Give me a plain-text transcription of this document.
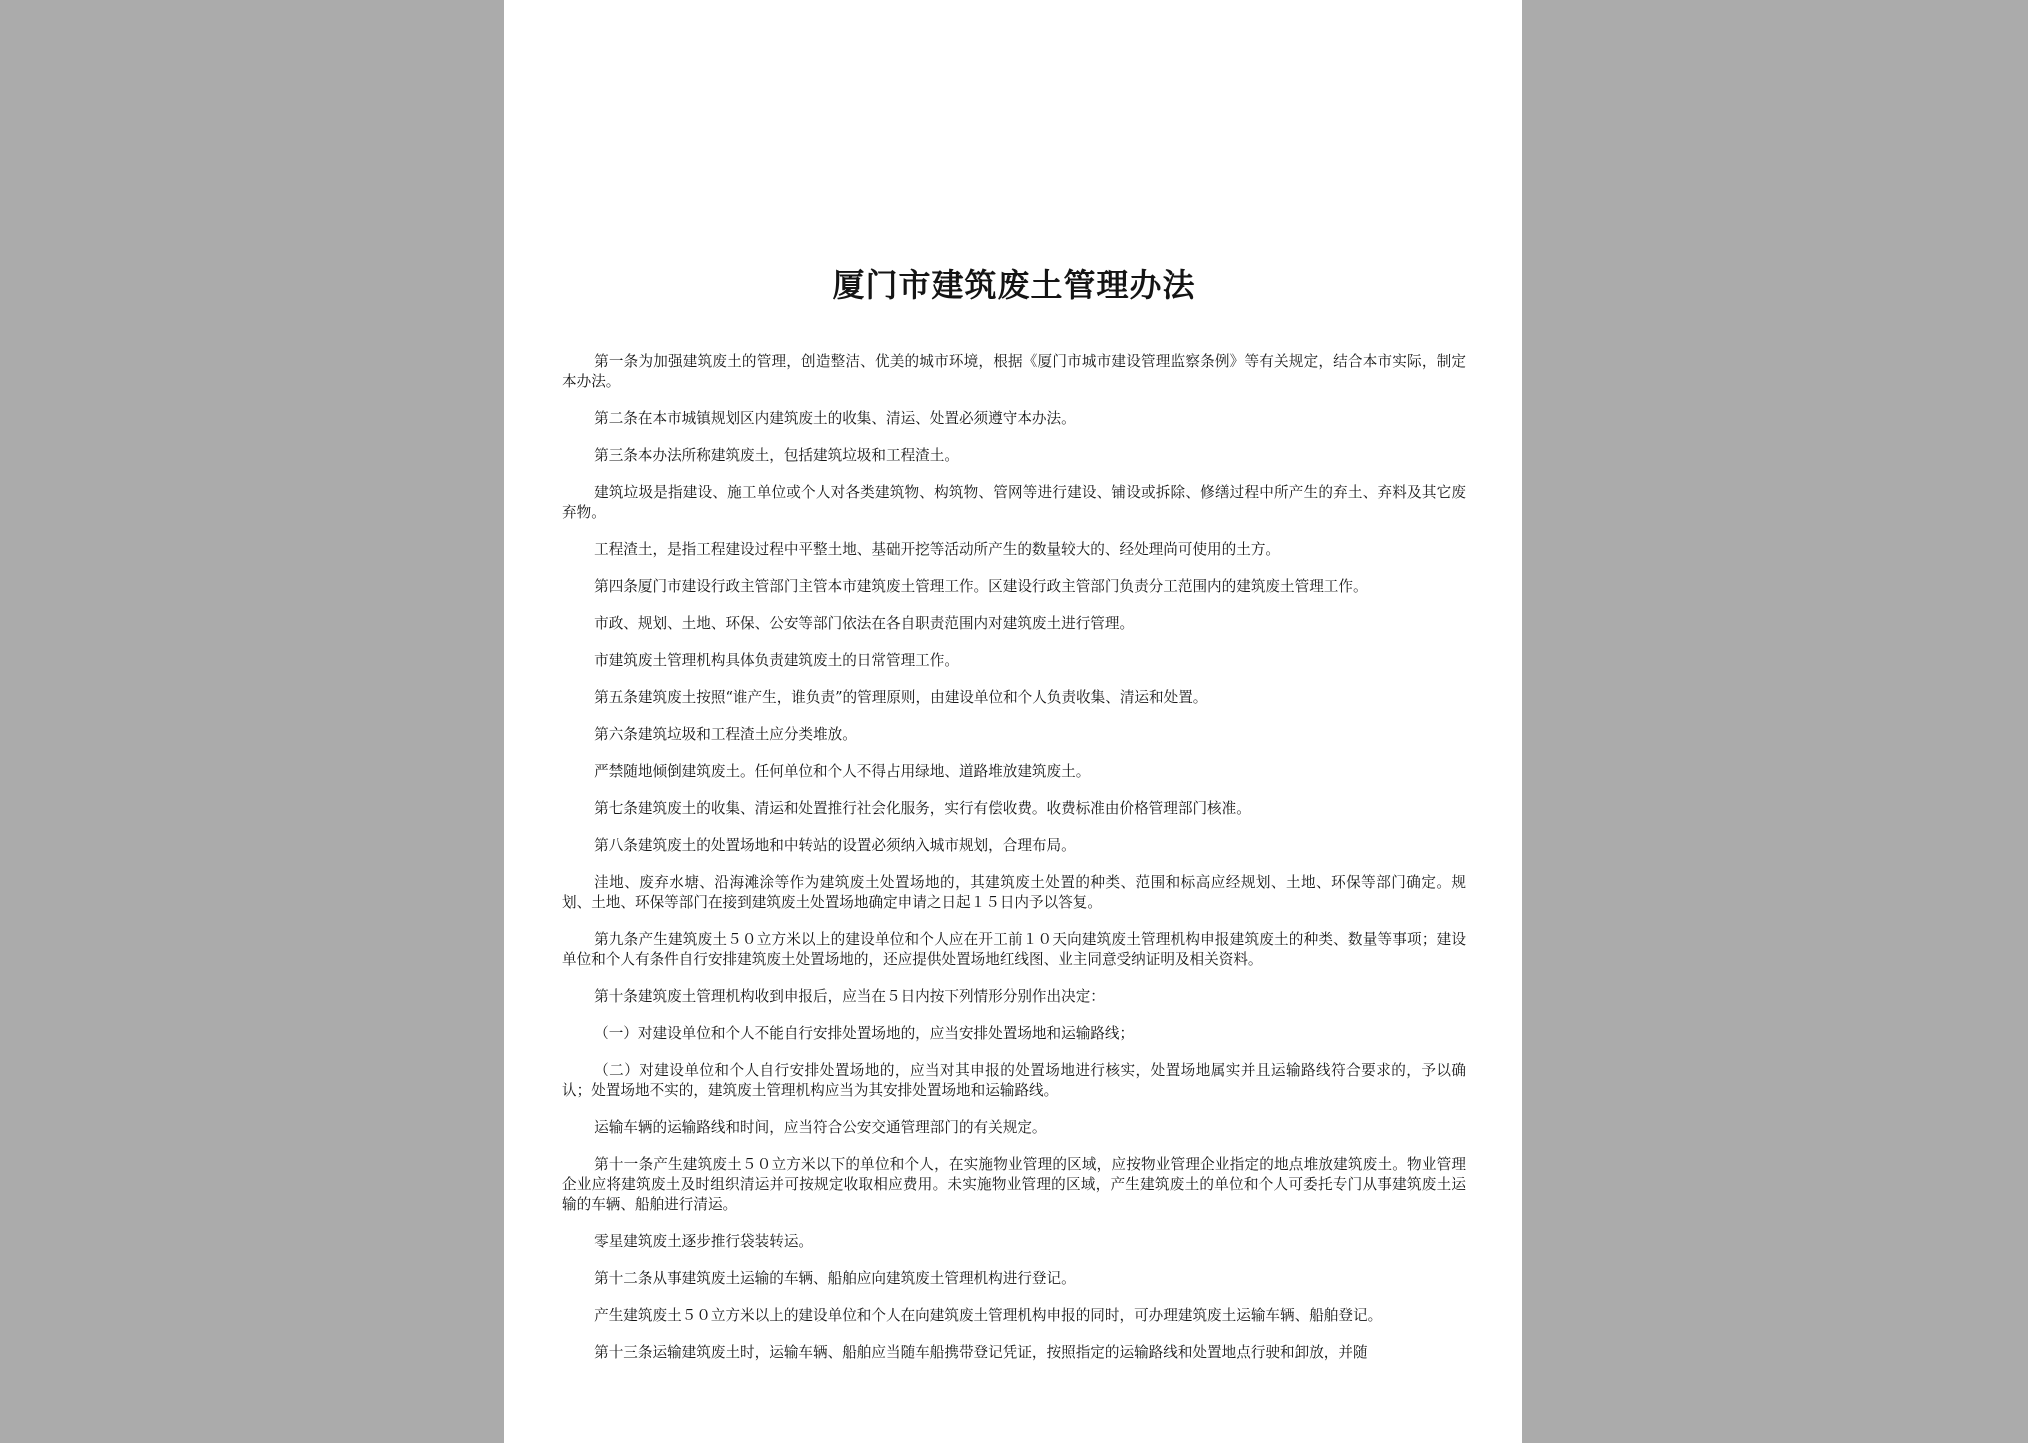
厦门市建筑废土管理办法

第一条为加强建筑废土的管理，创造整洁、优美的城市环境，根据《厦门市城市建设管理监察条例》等有关规定，结合本市实际，制定本办法。

第二条在本市城镇规划区内建筑废土的收集、清运、处置必须遵守本办法。

第三条本办法所称建筑废土，包括建筑垃圾和工程渣土。

建筑垃圾是指建设、施工单位或个人对各类建筑物、构筑物、管网等进行建设、铺设或拆除、修缮过程中所产生的弃土、弃料及其它废弃物。

工程渣土，是指工程建设过程中平整土地、基础开挖等活动所产生的数量较大的、经处理尚可使用的土方。

第四条厦门市建设行政主管部门主管本市建筑废土管理工作。区建设行政主管部门负责分工范围内的建筑废土管理工作。

市政、规划、土地、环保、公安等部门依法在各自职责范围内对建筑废土进行管理。

市建筑废土管理机构具体负责建筑废土的日常管理工作。

第五条建筑废土按照“谁产生，谁负责”的管理原则，由建设单位和个人负责收集、清运和处置。

第六条建筑垃圾和工程渣土应分类堆放。

严禁随地倾倒建筑废土。任何单位和个人不得占用绿地、道路堆放建筑废土。

第七条建筑废土的收集、清运和处置推行社会化服务，实行有偿收费。收费标准由价格管理部门核准。

第八条建筑废土的处置场地和中转站的设置必须纳入城市规划，合理布局。

洼地、废弃水塘、沿海滩涂等作为建筑废土处置场地的，其建筑废土处置的种类、范围和标高应经规划、土地、环保等部门确定。规划、土地、环保等部门在接到建筑废土处置场地确定申请之日起１５日内予以答复。

第九条产生建筑废土５０立方米以上的建设单位和个人应在开工前１０天向建筑废土管理机构申报建筑废土的种类、数量等事项；建设单位和个人有条件自行安排建筑废土处置场地的，还应提供处置场地红线图、业主同意受纳证明及相关资料。

第十条建筑废土管理机构收到申报后，应当在５日内按下列情形分别作出决定：

（一）对建设单位和个人不能自行安排处置场地的，应当安排处置场地和运输路线；

（二）对建设单位和个人自行安排处置场地的，应当对其申报的处置场地进行核实，处置场地属实并且运输路线符合要求的，予以确认；处置场地不实的，建筑废土管理机构应当为其安排处置场地和运输路线。

运输车辆的运输路线和时间，应当符合公安交通管理部门的有关规定。

第十一条产生建筑废土５０立方米以下的单位和个人，在实施物业管理的区域，应按物业管理企业指定的地点堆放建筑废土。物业管理企业应将建筑废土及时组织清运并可按规定收取相应费用。未实施物业管理的区域，产生建筑废土的单位和个人可委托专门从事建筑废土运输的车辆、船舶进行清运。

零星建筑废土逐步推行袋装转运。

第十二条从事建筑废土运输的车辆、船舶应向建筑废土管理机构进行登记。

产生建筑废土５０立方米以上的建设单位和个人在向建筑废土管理机构申报的同时，可办理建筑废土运输车辆、船舶登记。

第十三条运输建筑废土时，运输车辆、船舶应当随车船携带登记凭证，按照指定的运输路线和处置地点行驶和卸放，并随
